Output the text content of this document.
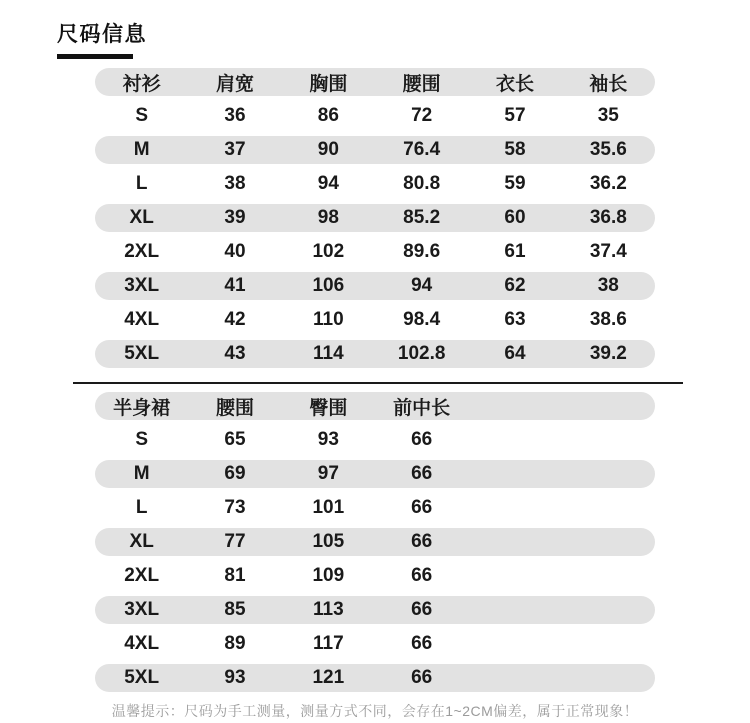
尺码信息
衬衫	肩宽	胸围	腰围	衣长	袖长
S	36	86	72	57	35
M	37	90	76.4	58	35.6
L	38	94	80.8	59	36.2
XL	39	98	85.2	60	36.8
2XL	40	102	89.6	61	37.4
3XL	41	106	94	62	38
4XL	42	110	98.4	63	38.6
5XL	43	114	102.8	64	39.2
半身裙	腰围	臀围	前中长
S	65	93	66
M	69	97	66
L	73	101	66
XL	77	105	66
2XL	81	109	66
3XL	85	113	66
4XL	89	117	66
5XL	93	121	66
温馨提示：尺码为手工测量，测量方式不同，会存在1~2CM偏差，属于正常现象！
